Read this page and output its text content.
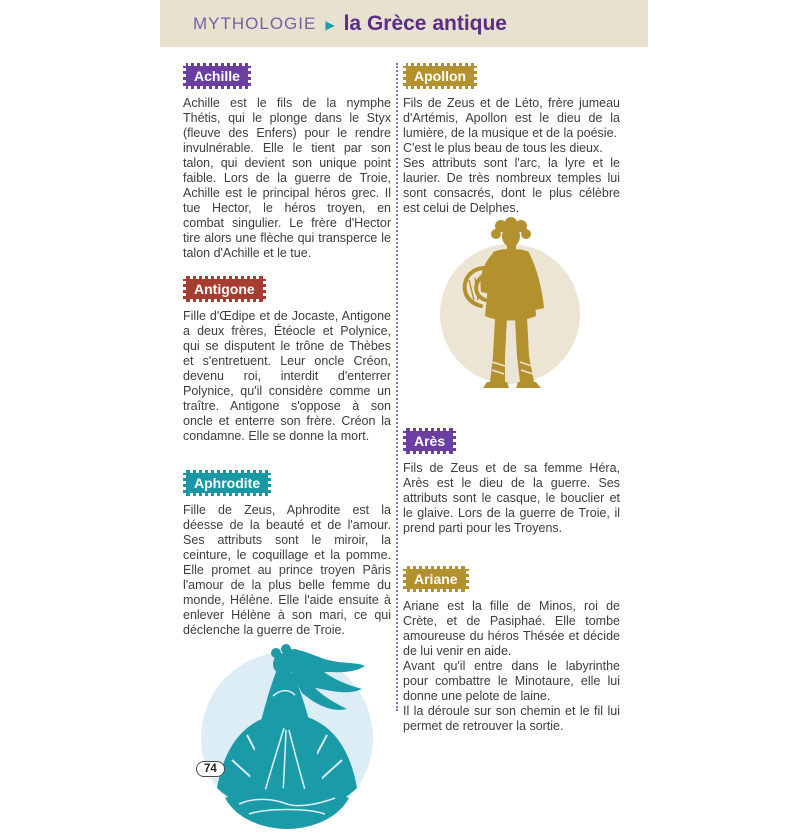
MYTHOLOGIE ▶ la Grèce antique
Achille

Achille est le fils de la nymphe Thétis, qui le plonge dans le Styx (fleuve des Enfers) pour le rendre invulnérable. Elle le tient par son talon, qui devient son unique point faible. Lors de la guerre de Troie, Achille est le principal héros grec. Il tue Hector, le héros troyen, en combat singulier. Le frère d'Hector tire alors une flèche qui transperce le talon d'Achille et le tue.

Antigone

Fille d'Œdipe et de Jocaste, Antigone a deux frères, Étéocle et Polynice, qui se disputent le trône de Thèbes et s'entretuent. Leur oncle Créon, devenu roi, interdit d'enterrer Polynice, qu'il considère comme un traître. Antigone s'oppose à son oncle et enterre son frère. Créon la condamne. Elle se donne la mort.

Aphrodite

Fille de Zeus, Aphrodite est la déesse de la beauté et de l'amour. Ses attributs sont le miroir, la ceinture, le coquillage et la pomme. Elle promet au prince troyen Pâris l'amour de la plus belle femme du monde, Hélène. Elle l'aide ensuite à enlever Hélène à son mari, ce qui déclenche la guerre de Troie.

Apollon

Fils de Zeus et de Léto, frère jumeau d'Artémis, Apollon est le dieu de la lumière, de la musique et de la poésie.

C'est le plus beau de tous les dieux.

Ses attributs sont l'arc, la lyre et le laurier. De très nombreux temples lui sont consacrés, dont le plus célèbre est celui de Delphes.

Arès

Fils de Zeus et de sa femme Héra, Arès est le dieu de la guerre. Ses attributs sont le casque, le bouclier et le glaive. Lors de la guerre de Troie, il prend parti pour les Troyens.

Ariane

Ariane est la fille de Minos, roi de Crète, et de Pasiphaé. Elle tombe amoureuse du héros Thésée et décide de lui venir en aide.

Avant qu'il entre dans le labyrinthe pour combattre le Minotaure, elle lui donne une pelote de laine.

Il la déroule sur son chemin et le fil lui permet de retrouver la sortie.

74
